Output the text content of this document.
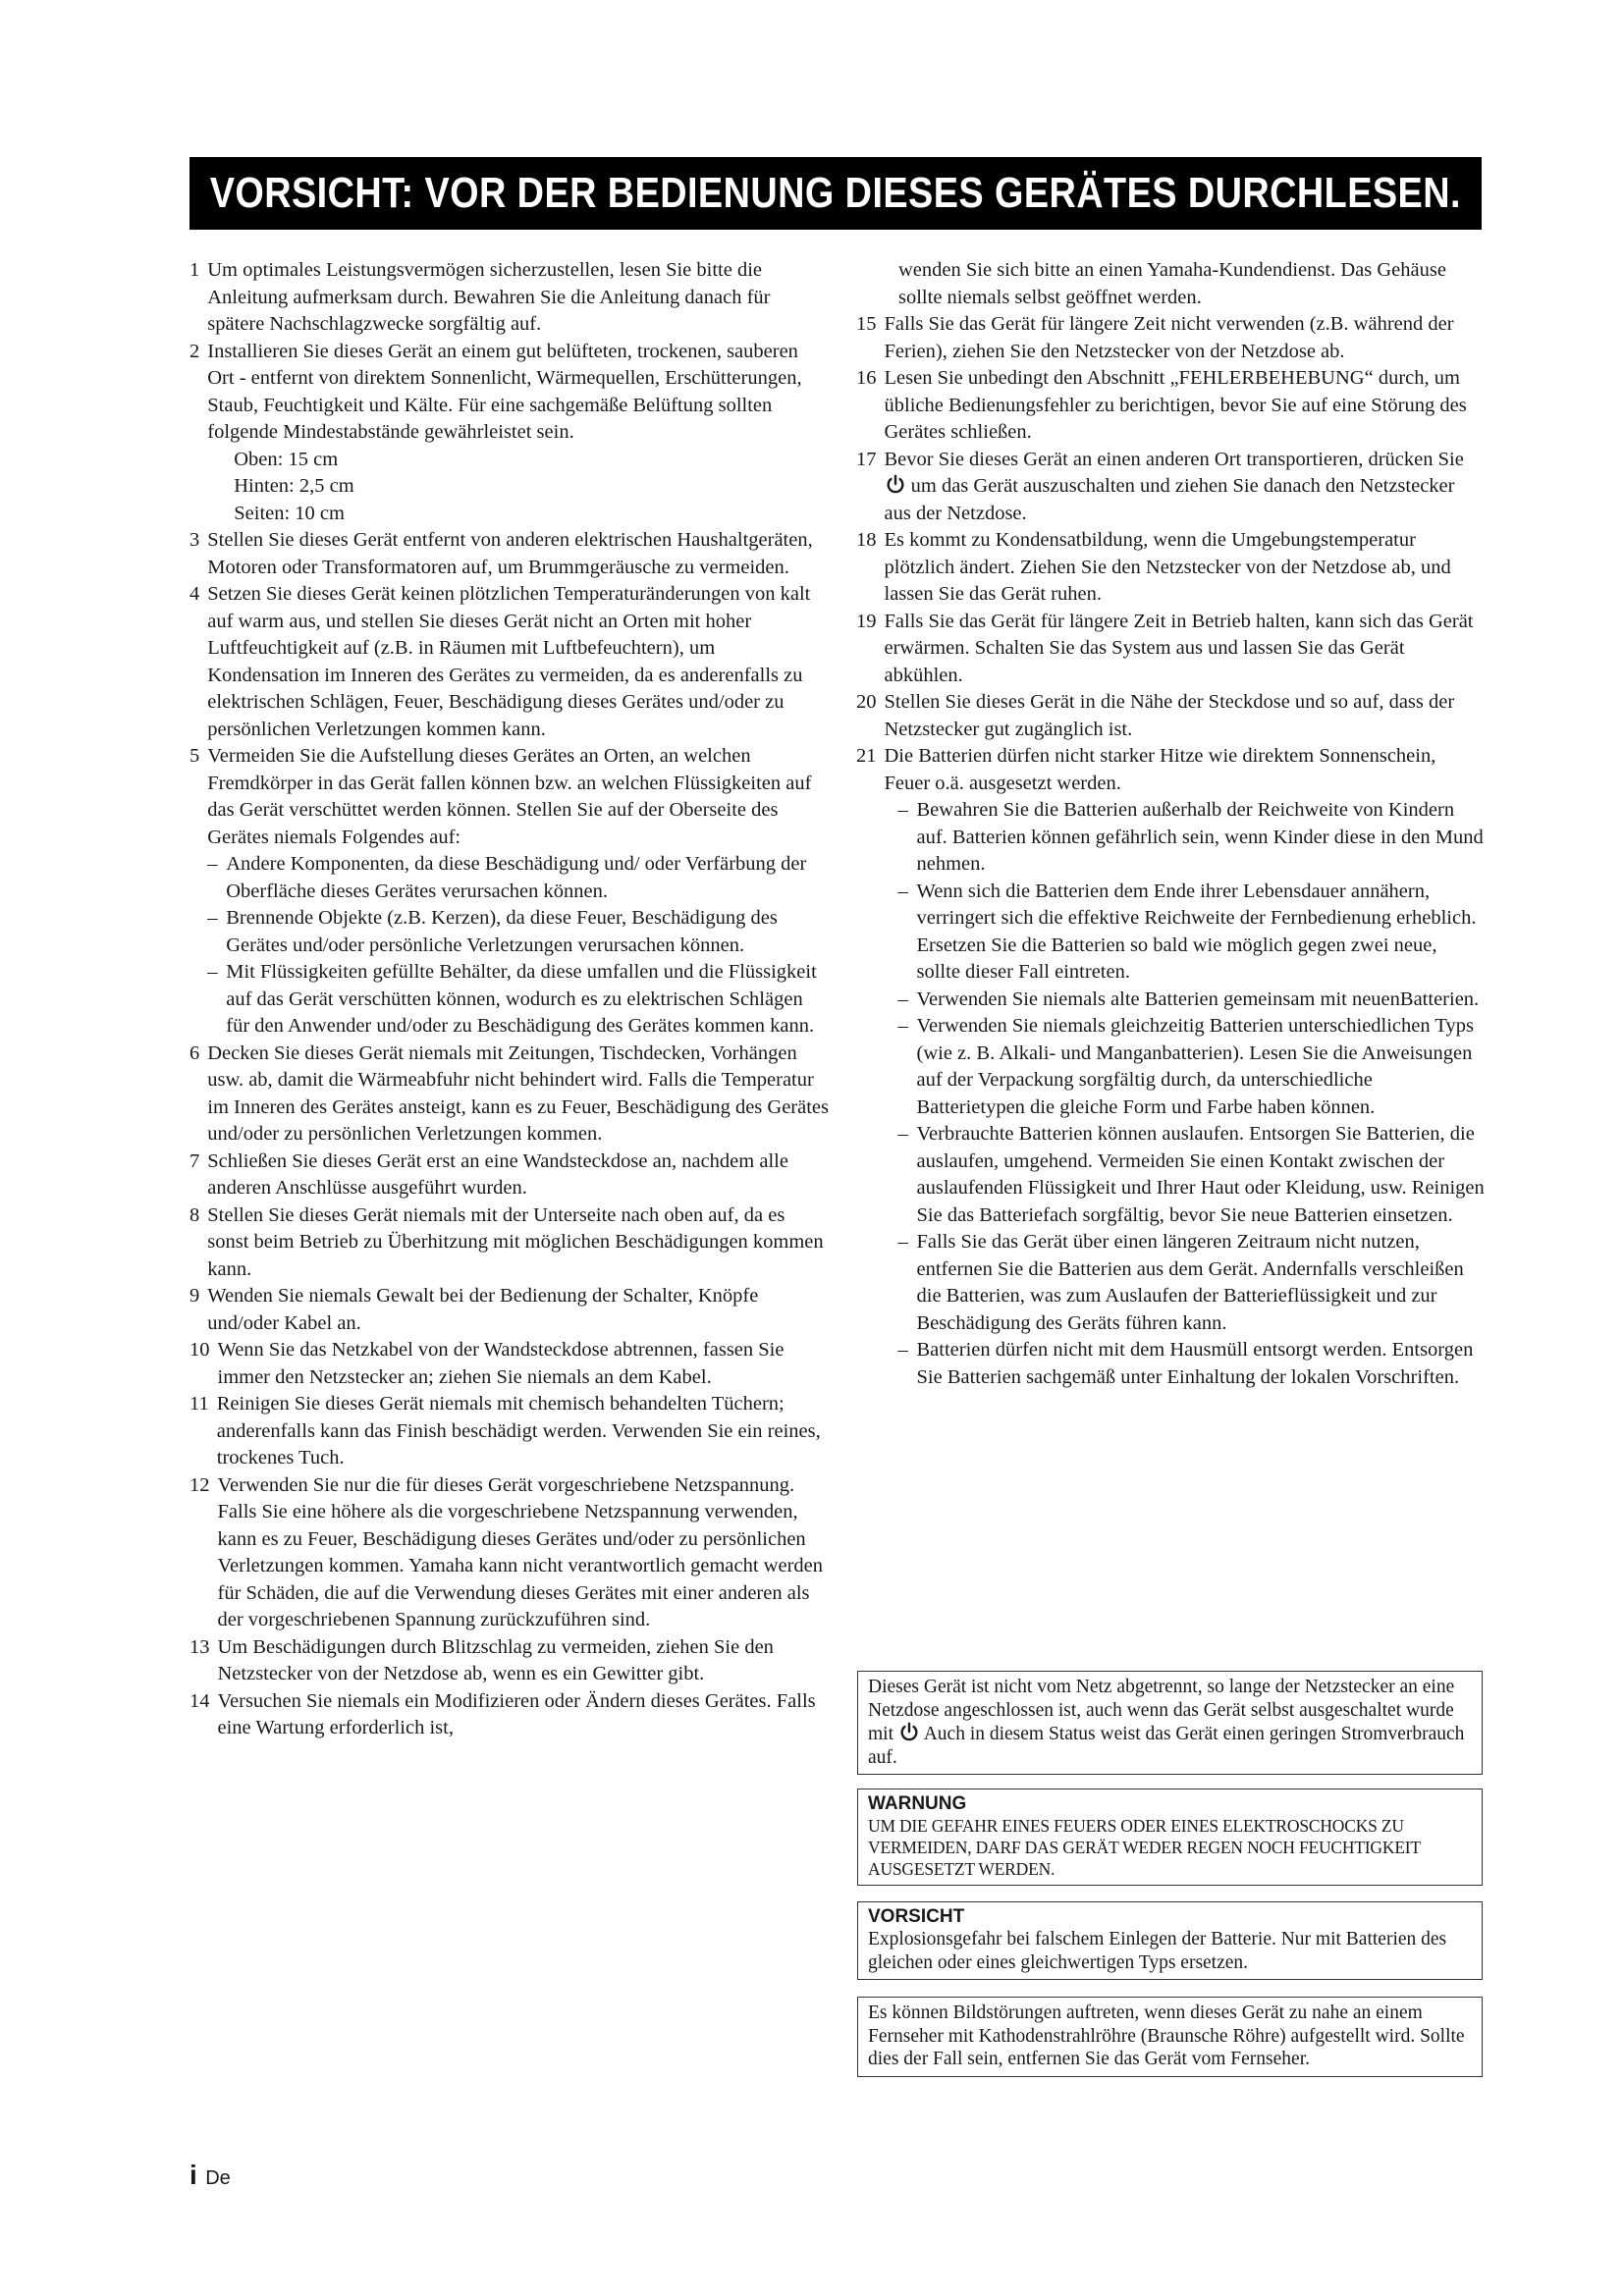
VORSICHT: VOR DER BEDIENUNG DIESES GERÄTES DURCHLESEN.
1 Um optimales Leistungsvermögen sicherzustellen, lesen Sie bitte die Anleitung aufmerksam durch. Bewahren Sie die Anleitung danach für spätere Nachschlagzwecke sorgfältig auf.
2 Installieren Sie dieses Gerät an einem gut belüfteten, trockenen, sauberen Ort - entfernt von direktem Sonnenlicht, Wärmequellen, Erschütterungen, Staub, Feuchtigkeit und Kälte. Für eine sachgemäße Belüftung sollten folgende Mindestabstände gewährleistet sein.
Oben: 15 cm
Hinten: 2,5 cm
Seiten: 10 cm
3 Stellen Sie dieses Gerät entfernt von anderen elektrischen Haushaltgeräten, Motoren oder Transformatoren auf, um Brummgeräusche zu vermeiden.
4 Setzen Sie dieses Gerät keinen plötzlichen Temperaturänderungen von kalt auf warm aus, und stellen Sie dieses Gerät nicht an Orten mit hoher Luftfeuchtigkeit auf (z.B. in Räumen mit Luftbefeuchtern), um Kondensation im Inneren des Gerätes zu vermeiden, da es anderenfalls zu elektrischen Schlägen, Feuer, Beschädigung dieses Gerätes und/oder zu persönlichen Verletzungen kommen kann.
5 Vermeiden Sie die Aufstellung dieses Gerätes an Orten, an welchen Fremdkörper in das Gerät fallen können bzw. an welchen Flüssigkeiten auf das Gerät verschüttet werden können. Stellen Sie auf der Oberseite des Gerätes niemals Folgendes auf:
– Andere Komponenten, da diese Beschädigung und/ oder Verfärbung der Oberfläche dieses Gerätes verursachen können.
– Brennende Objekte (z.B. Kerzen), da diese Feuer, Beschädigung des Gerätes und/oder persönliche Verletzungen verursachen können.
– Mit Flüssigkeiten gefüllte Behälter, da diese umfallen und die Flüssigkeit auf das Gerät verschütten können, wodurch es zu elektrischen Schlägen für den Anwender und/oder zu Beschädigung des Gerätes kommen kann.
6 Decken Sie dieses Gerät niemals mit Zeitungen, Tischdecken, Vorhängen usw. ab, damit die Wärmeabfuhr nicht behindert wird. Falls die Temperatur im Inneren des Gerätes ansteigt, kann es zu Feuer, Beschädigung des Gerätes und/oder zu persönlichen Verletzungen kommen.
7 Schließen Sie dieses Gerät erst an eine Wandsteckdose an, nachdem alle anderen Anschlüsse ausgeführt wurden.
8 Stellen Sie dieses Gerät niemals mit der Unterseite nach oben auf, da es sonst beim Betrieb zu Überhitzung mit möglichen Beschädigungen kommen kann.
9 Wenden Sie niemals Gewalt bei der Bedienung der Schalter, Knöpfe und/oder Kabel an.
10 Wenn Sie das Netzkabel von der Wandsteckdose abtrennen, fassen Sie immer den Netzstecker an; ziehen Sie niemals an dem Kabel.
11 Reinigen Sie dieses Gerät niemals mit chemisch behandelten Tüchern; anderenfalls kann das Finish beschädigt werden. Verwenden Sie ein reines, trockenes Tuch.
12 Verwenden Sie nur die für dieses Gerät vorgeschriebene Netzspannung. Falls Sie eine höhere als die vorgeschriebene Netzspannung verwenden, kann es zu Feuer, Beschädigung dieses Gerätes und/oder zu persönlichen Verletzungen kommen. Yamaha kann nicht verantwortlich gemacht werden für Schäden, die auf die Verwendung dieses Gerätes mit einer anderen als der vorgeschriebenen Spannung zurückzuführen sind.
13 Um Beschädigungen durch Blitzschlag zu vermeiden, ziehen Sie den Netzstecker von der Netzdose ab, wenn es ein Gewitter gibt.
14 Versuchen Sie niemals ein Modifizieren oder Ändern dieses Gerätes. Falls eine Wartung erforderlich ist,
wenden Sie sich bitte an einen Yamaha-Kundendienst. Das Gehäuse sollte niemals selbst geöffnet werden.
15 Falls Sie das Gerät für längere Zeit nicht verwenden (z.B. während der Ferien), ziehen Sie den Netzstecker von der Netzdose ab.
16 Lesen Sie unbedingt den Abschnitt „FEHLERBEHEBUNG“ durch, um übliche Bedienungsfehler zu berichtigen, bevor Sie auf eine Störung des Gerätes schließen.
17 Bevor Sie dieses Gerät an einen anderen Ort transportieren, drücken Sie  um das Gerät auszuschalten und ziehen Sie danach den Netzstecker aus der Netzdose.
18 Es kommt zu Kondensatbildung, wenn die Umgebungstemperatur plötzlich ändert. Ziehen Sie den Netzstecker von der Netzdose ab, und lassen Sie das Gerät ruhen.
19 Falls Sie das Gerät für längere Zeit in Betrieb halten, kann sich das Gerät erwärmen. Schalten Sie das System aus und lassen Sie das Gerät abkühlen.
20 Stellen Sie dieses Gerät in die Nähe der Steckdose und so auf, dass der Netzstecker gut zugänglich ist.
21 Die Batterien dürfen nicht starker Hitze wie direktem Sonnenschein, Feuer o.ä. ausgesetzt werden.
– Bewahren Sie die Batterien außerhalb der Reichweite von Kindern auf. Batterien können gefährlich sein, wenn Kinder diese in den Mund nehmen.
– Wenn sich die Batterien dem Ende ihrer Lebensdauer annähern, verringert sich die effektive Reichweite der Fernbedienung erheblich. Ersetzen Sie die Batterien so bald wie möglich gegen zwei neue, sollte dieser Fall eintreten.
– Verwenden Sie niemals alte Batterien gemeinsam mit neuenBatterien.
– Verwenden Sie niemals gleichzeitig Batterien unterschiedlichen Typs (wie z. B. Alkali- und Manganbatterien). Lesen Sie die Anweisungen auf der Verpackung sorgfältig durch, da unterschiedliche Batterietypen die gleiche Form und Farbe haben können.
– Verbrauchte Batterien können auslaufen. Entsorgen Sie Batterien, die auslaufen, umgehend. Vermeiden Sie einen Kontakt zwischen der auslaufenden Flüssigkeit und Ihrer Haut oder Kleidung, usw. Reinigen Sie das Batteriefach sorgfältig, bevor Sie neue Batterien einsetzen.
– Falls Sie das Gerät über einen längeren Zeitraum nicht nutzen, entfernen Sie die Batterien aus dem Gerät. Andernfalls verschleißen die Batterien, was zum Auslaufen der Batterieflüssigkeit und zur Beschädigung des Geräts führen kann.
– Batterien dürfen nicht mit dem Hausmüll entsorgt werden. Entsorgen Sie Batterien sachgemäß unter Einhaltung der lokalen Vorschriften.
Dieses Gerät ist nicht vom Netz abgetrennt, so lange der Netzstecker an eine Netzdose angeschlossen ist, auch wenn das Gerät selbst ausgeschaltet wurde mit Auch in diesem Status weist das Gerät einen geringen Stromverbrauch auf.
WARNUNG
UM DIE GEFAHR EINES FEUERS ODER EINES ELEKTROSCHOCKS ZU VERMEIDEN, DARF DAS GERÄT WEDER REGEN NOCH FEUCHTIGKEIT AUSGESETZT WERDEN.
VORSICHT
Explosionsgefahr bei falschem Einlegen der Batterie. Nur mit Batterien des gleichen oder eines gleichwertigen Typs ersetzen.
Es können Bildstörungen auftreten, wenn dieses Gerät zu nahe an einem Fernseher mit Kathodenstrahlröhre (Braunsche Röhre) aufgestellt wird. Sollte dies der Fall sein, entfernen Sie das Gerät vom Fernseher.
i De
